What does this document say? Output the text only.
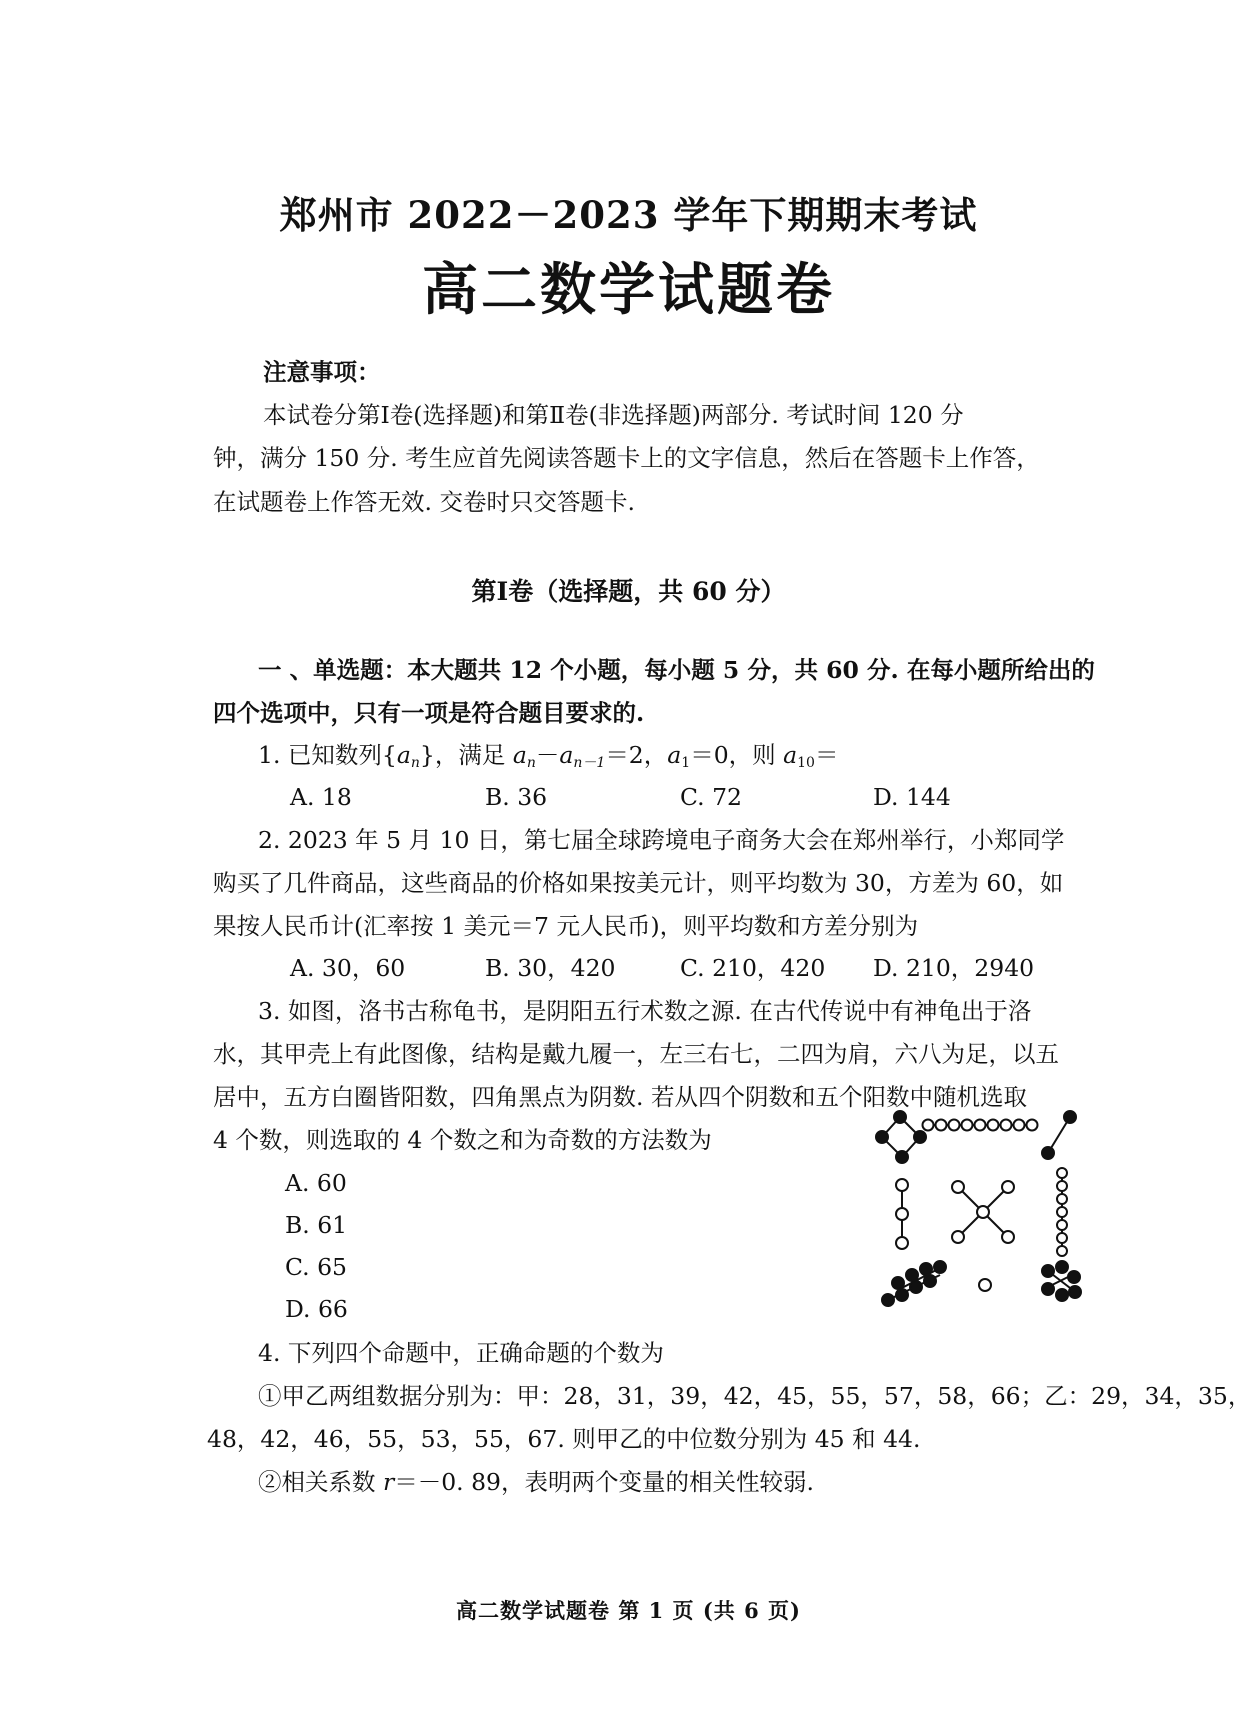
郑州市 2022－2023 学年下期期末考试
高二数学试题卷
注意事项：
本试卷分第Ⅰ卷(选择题)和第Ⅱ卷(非选择题)两部分. 考试时间 120 分
钟，满分 150 分. 考生应首先阅读答题卡上的文字信息，然后在答题卡上作答，
在试题卷上作答无效. 交卷时只交答题卡.
第Ⅰ卷（选择题，共 60 分）
一 、单选题：本大题共 12 个小题，每小题 5 分，共 60 分. 在每小题所给出的
四个选项中，只有一项是符合题目要求的.
1. 已知数列$\{a_n\}$，满足 $a_n-a_{n-1}=2$，$a_1=0$，则 $a_{10}=$
A. 18	B. 36	C. 72	D. 144
2. 2023 年 5 月 10 日，第七届全球跨境电子商务大会在郑州举行，小郑同学
购买了几件商品，这些商品的价格如果按美元计，则平均数为 30，方差为 60，如
果按人民币计(汇率按 1 美元＝7 元人民币)，则平均数和方差分别为
A. 30，60	B. 30，420	C. 210，420 D. 210，2940
3. 如图，洛书古称龟书，是阴阳五行术数之源. 在古代传说中有神龟出于洛
水，其甲壳上有此图像，结构是戴九履一，左三右七，二四为肩，六八为足，以五
居中，五方白圈皆阳数，四角黑点为阴数. 若从四个阴数和五个阳数中随机选取
4 个数，则选取的 4 个数之和为奇数的方法数为
A. 60
B. 61
C. 65
D. 66
4. 下列四个命题中，正确命题的个数为
①甲乙两组数据分别为：甲：28，31，39，42，45，55，57，58，66；乙：29，34，35，
48，42，46，55，53，55，67. 则甲乙的中位数分别为 45 和 44.
②相关系数 r＝－0. 89，表明两个变量的相关性较弱.
高二数学试题卷 第 1 页 (共 6 页)
